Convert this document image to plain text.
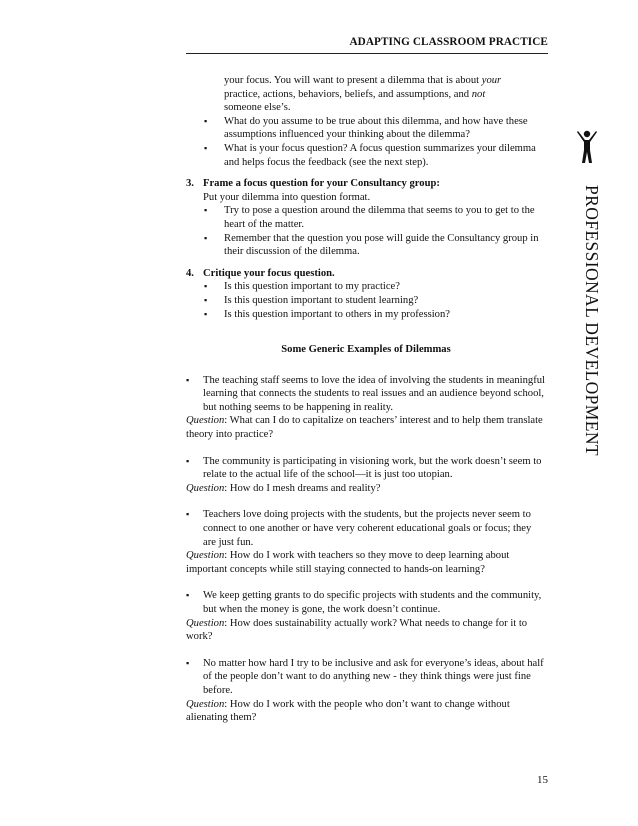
ADAPTING CLASSROOM PRACTICE
PROFESSIONAL DEVELOPMENT
your focus. You will want to present a dilemma that is about your
practice, actions, behaviors, beliefs, and assumptions, and not
someone else’s.
▪ What do you assume to be true about this dilemma, and how have these assumptions influenced your thinking about the dilemma?
▪ What is your focus question? A focus question summarizes your dilemma and helps focus the feedback (see the next step).
3. Frame a focus question for your Consultancy group:
Put your dilemma into question format.
▪ Try to pose a question around the dilemma that seems to you to get to the heart of the matter.
▪ Remember that the question you pose will guide the Consultancy group in their discussion of the dilemma.
4. Critique your focus question.
▪ Is this question important to my practice?
▪ Is this question important to student learning?
▪ Is this question important to others in my profession?
Some Generic Examples of Dilemmas
▪ The teaching staff seems to love the idea of involving the students in meaningful learning that connects the students to real issues and an audience beyond school, but nothing seems to be happening in reality.
Question: What can I do to capitalize on teachers’ interest and to help them translate theory into practice?
▪ The community is participating in visioning work, but the work doesn’t seem to relate to the actual life of the school—it is just too utopian.
Question: How do I mesh dreams and reality?
▪ Teachers love doing projects with the students, but the projects never seem to connect to one another or have very coherent educational goals or focus; they are just fun.
Question: How do I work with teachers so they move to deep learning about important concepts while still staying connected to hands-on learning?
▪ We keep getting grants to do specific projects with students and the community, but when the money is gone, the work doesn’t continue.
Question: How does sustainability actually work? What needs to change for it to work?
▪ No matter how hard I try to be inclusive and ask for everyone’s ideas, about half of the people don’t want to do anything new - they think things were just fine before.
Question: How do I work with the people who don’t want to change without alienating them?
15
